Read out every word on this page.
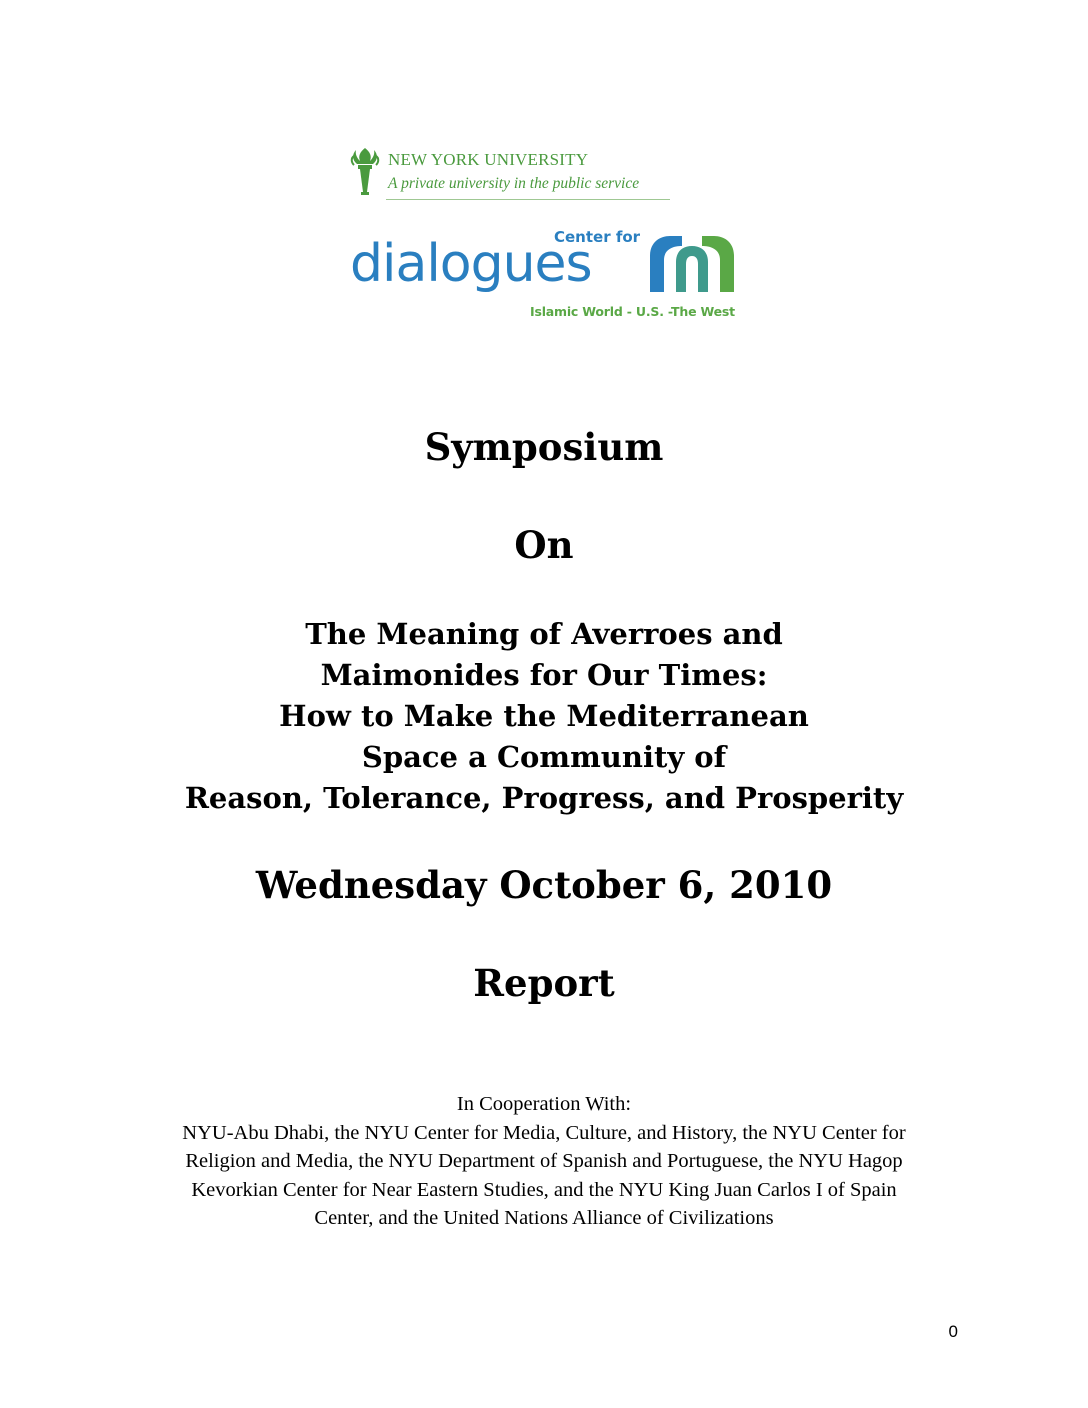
NEW YORK UNIVERSITY
A private university in the public service
Center for
dialogues
Islamic World - U.S. -The West
Symposium
On
The Meaning of Averroes and
Maimonides for Our Times:
How to Make the Mediterranean
Space a Community of
Reason, Tolerance, Progress, and Prosperity
Wednesday October 6, 2010
Report
In Cooperation With:
NYU-Abu Dhabi, the NYU Center for Media, Culture, and History, the NYU Center for
Religion and Media, the NYU Department of Spanish and Portuguese, the NYU Hagop
Kevorkian Center for Near Eastern Studies, and the NYU King Juan Carlos I of Spain
Center, and the United Nations Alliance of Civilizations
0
